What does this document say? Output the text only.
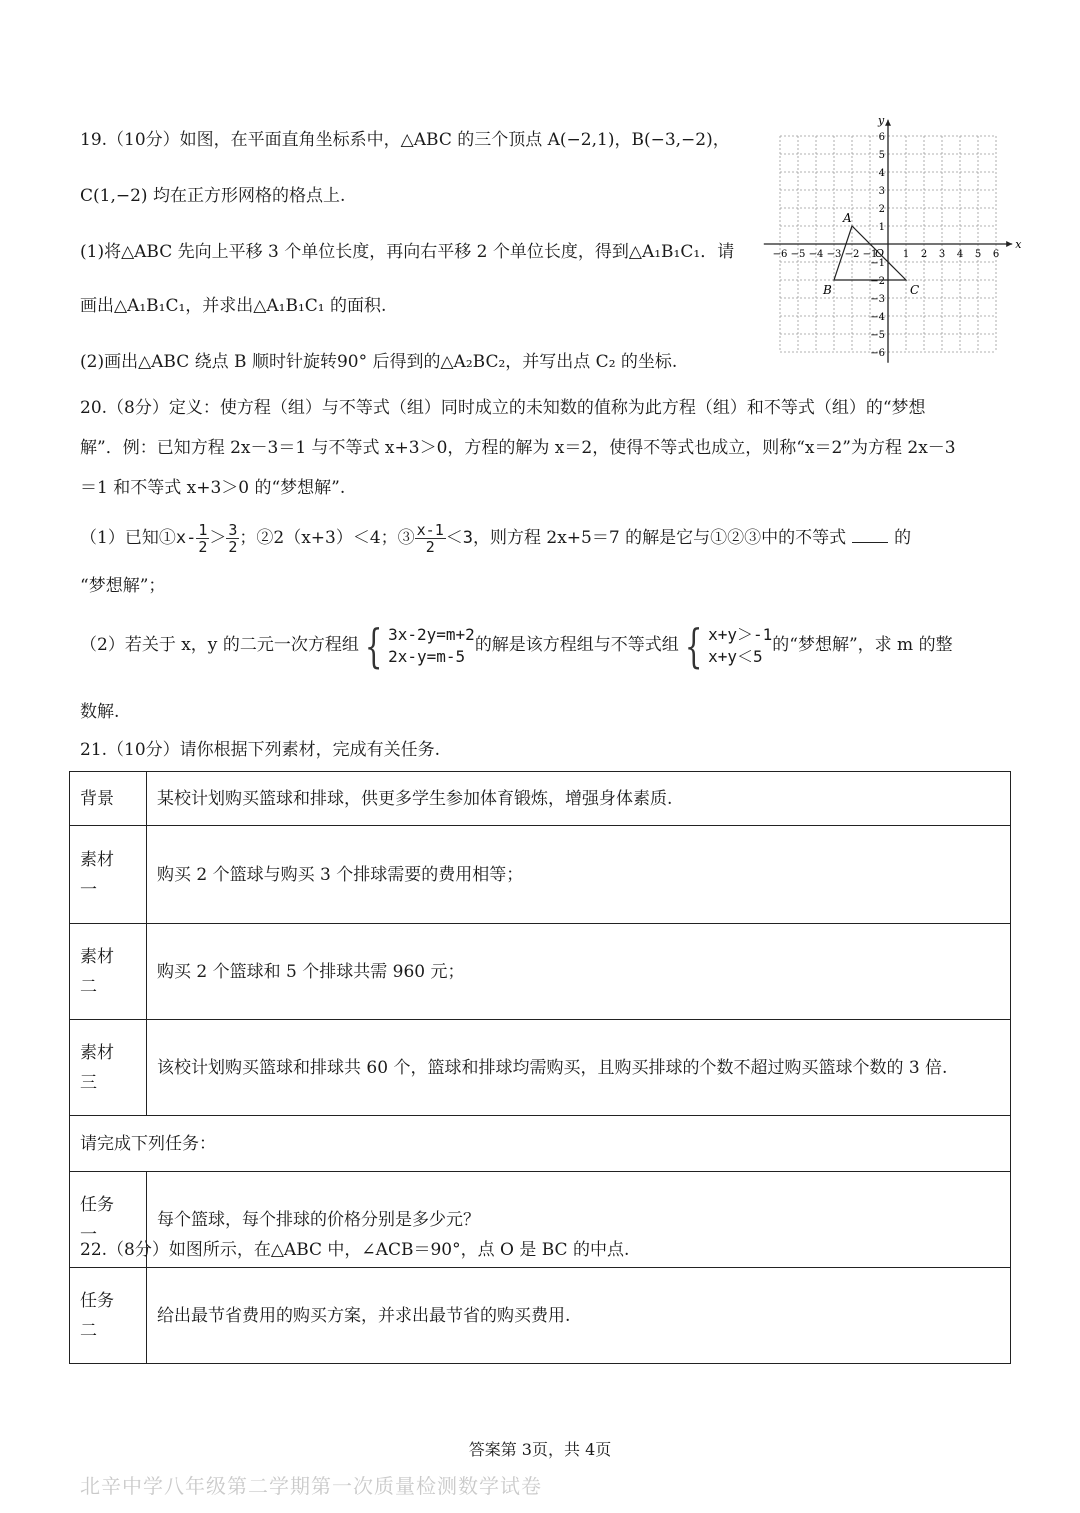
19.（10分）如图，在平面直角坐标系中，△ABC 的三个顶点 A(−2,1)，B(−3,−2)，
C(1,−2) 均在正方形网格的格点上.
(1)将△ABC 先向上平移 3 个单位长度，再向右平移 2 个单位长度，得到△A₁B₁C₁．请
画出△A₁B₁C₁，并求出△A₁B₁C₁ 的面积.
(2)画出△ABC 绕点 B 顺时针旋转90° 后得到的△A₂BC₂，并写出点 C₂ 的坐标.
x
y
O
−6 −5 −4 −3 −2 −1	1 2 3 4 5 6
6
5
4
3
2
1
−1
−2
−3
−4
−5
−6
A
B	C
20.（8分）定义：使方程（组）与不等式（组）同时成立的未知数的值称为此方程（组）和不等式（组）的“梦想
解”．例：已知方程 2x－3＝1 与不等式 x+3＞0，方程的解为 x＝2，使得不等式也成立，则称“x＝2”为方程 2x－3
＝1 和不等式 x+3＞0 的“梦想解”.
（1）已知①x- $\frac{1}{2} > \frac{3}{2}$ ；②2（x+3）＜4；③ $\frac{x-1}{2} <3$，则方程 2x+5＝7 的解是它与①②③中的不等式	的
“梦想解”；
（2）若关于 x，y 的二元一次方程组 { 3x-2y=m+2
2x-y=m-5
的解是该方程组与不等式组 { x+y＞-1
x+y＜5
的“梦想解”，求 m 的整
数解.
21.（10分）请你根据下列素材，完成有关任务.
背景	某校计划购买篮球和排球，供更多学生参加体育锻炼，增强身体素质.

素材一	购买 2 个篮球与购买 3 个排球需要的费用相等；

素材二	购买 2 个篮球和 5 个排球共需 960 元；

素材三	该校计划购买篮球和排球共 60 个，篮球和排球均需购买，且购买排球的个数不超过购买篮球个数的 3 倍.
请完成下列任务：	

任务一	每个篮球，每个排球的价格分别是多少元？

任务二	给出最节省费用的购买方案，并求出最节省的购买费用.
22.（8分）如图所示，在△ABC 中，∠ACB＝90°，点 O 是 BC 的中点.
答案第 3页，共 4页
北辛中学八年级第二学期第一次质量检测数学试卷
